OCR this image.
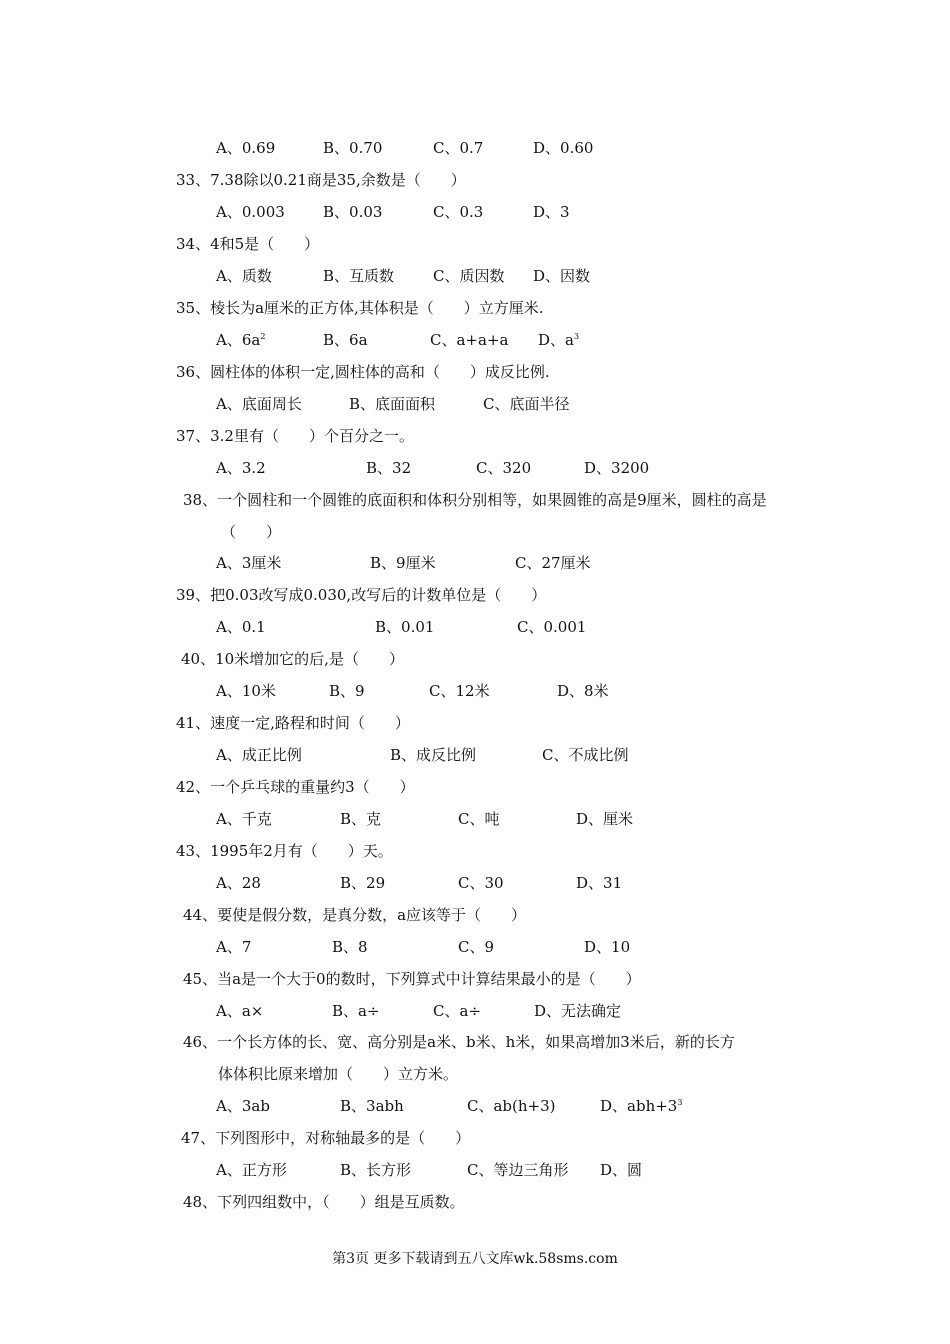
A、0.69	B、0.70	C、0.7	D、0.60
33、7.38除以0.21商是35,余数是（　　）
A、0.003	B、0.03	C、0.3	D、3
34、4和5是（　　）
A、质数	B、互质数	C、质因数 D、因数
35、棱长为a厘米的正方体,其体积是（　　）立方厘米.
A、$6a^2$	B、6a	C、a+a+a D、$a^3$
36、圆柱体的体积一定,圆柱体的高和（　　）成反比例.
A、底面周长	B、底面面积	C、底面半径
37、3.2里有（　　）个百分之一。
A、3.2	B、32	C、320	D、3200
38、一个圆柱和一个圆锥的底面积和体积分别相等，如果圆锥的高是9厘米，圆柱的高是
（　　）
A、3厘米	B、9厘米	C、27厘米
39、把0.03改写成0.030,改写后的计数单位是（　　）
A、0.1	B、0.01	C、0.001
40、10米增加它的后,是（　　）
A、10米	B、9	C、12米	D、8米
41、速度一定,路程和时间（　　）
A、成正比例	B、成反比例	C、不成比例
42、一个乒乓球的重量约3（　　）
A、千克	B、克	C、吨	D、厘米
43、1995年2月有（　　）天。
A、28	B、29	C、30	D、31
44、要使是假分数，是真分数，a应该等于（　　）
A、7	B、8	C、9	D、10
45、当a是一个大于0的数时，下列算式中计算结果最小的是（　　）
A、a×	B、a÷	C、a÷	D、无法确定
46、一个长方体的长、宽、高分别是a米、b米、h米，如果高增加3米后，新的长方
体体积比原来增加（　　）立方米。
A、3ab	B、3abh	C、ab(h+3)	D、$abh+3^3$
47、下列图形中，对称轴最多的是（　　）
A、正方形	B、长方形	C、等边三角形 D、圆
48、下列四组数中，（　　）组是互质数。
第3页 更多下载请到五八文库wk.58sms.com
